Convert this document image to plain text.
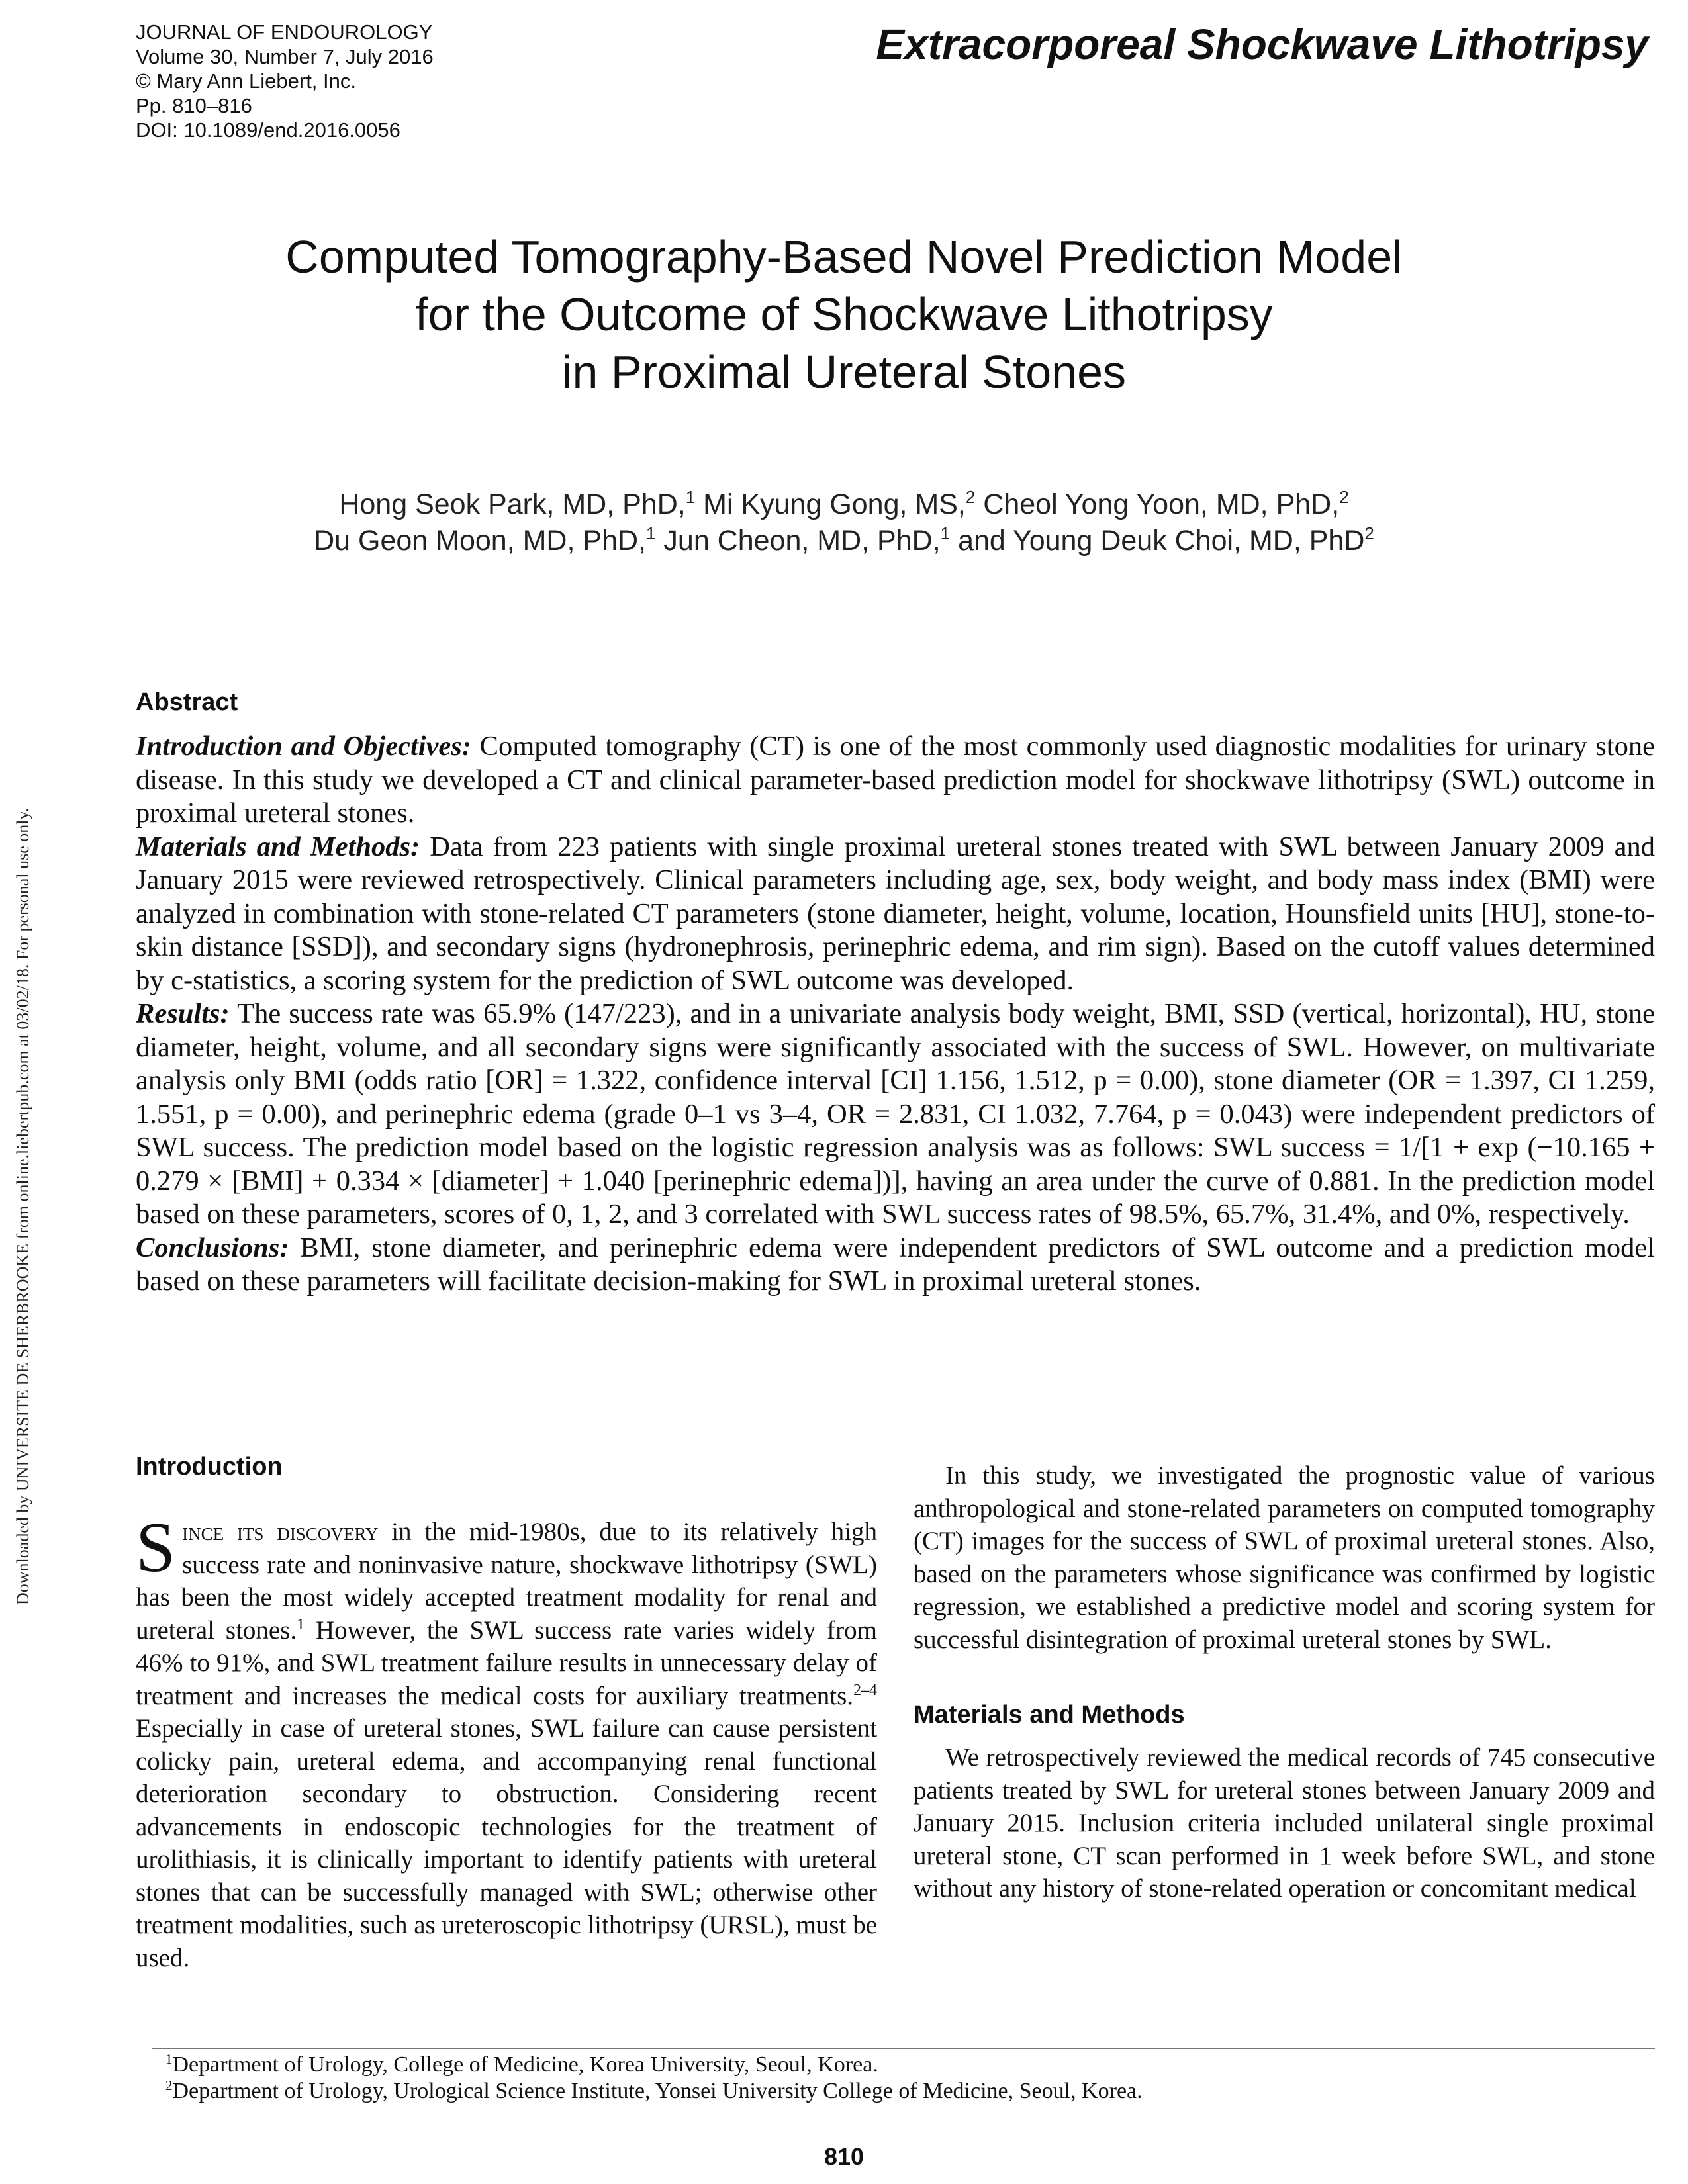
JOURNAL OF ENDOUROLOGY
Volume 30, Number 7, July 2016
© Mary Ann Liebert, Inc.
Pp. 810–816
DOI: 10.1089/end.2016.0056
Extracorporeal Shockwave Lithotripsy
Computed Tomography-Based Novel Prediction Model
for the Outcome of Shockwave Lithotripsy
in Proximal Ureteral Stones
Hong Seok Park, MD, PhD,$^1$ Mi Kyung Gong, MS,$^2$ Cheol Yong Yoon, MD, PhD,$^2$
Du Geon Moon, MD, PhD,$^1$ Jun Cheon, MD, PhD,$^1$ and Young Deuk Choi, MD, PhD$^2$
Downloaded by UNIVERSITE DE SHERBROOKE from online.liebertpub.com at 03/02/18. For personal use only.
Abstract

Introduction and Objectives: Computed tomography (CT) is one of the most commonly used diagnostic modalities for urinary stone disease. In this study we developed a CT and clinical parameter-based prediction model for shockwave lithotripsy (SWL) outcome in proximal ureteral stones.

Materials and Methods: Data from 223 patients with single proximal ureteral stones treated with SWL between January 2009 and January 2015 were reviewed retrospectively. Clinical parameters including age, sex, body weight, and body mass index (BMI) were analyzed in combination with stone-related CT parameters (stone diameter, height, volume, location, Hounsfield units [HU], stone-to-skin distance [SSD]), and secondary signs (hydronephrosis, perinephric edema, and rim sign). Based on the cutoff values determined by c-statistics, a scoring system for the prediction of SWL outcome was developed.

Results: The success rate was 65.9% (147/223), and in a univariate analysis body weight, BMI, SSD (vertical, horizontal), HU, stone diameter, height, volume, and all secondary signs were significantly associated with the success of SWL. However, on multivariate analysis only BMI (odds ratio [OR] = 1.322, confidence interval [CI] 1.156, 1.512, p = 0.00), stone diameter (OR = 1.397, CI 1.259, 1.551, p = 0.00), and perinephric edema (grade 0–1 vs 3–4, OR = 2.831, CI 1.032, 7.764, p = 0.043) were independent predictors of SWL success. The prediction model based on the logistic regression analysis was as follows: SWL success = 1/[1 + exp (−10.165 + 0.279 × [BMI] + 0.334 × [diameter] + 1.040 [perinephric edema])], having an area under the curve of 0.881. In the prediction model based on these parameters, scores of 0, 1, 2, and 3 correlated with SWL success rates of 98.5%, 65.7%, 31.4%, and 0%, respectively.

Conclusions: BMI, stone diameter, and perinephric edema were independent predictors of SWL outcome and a prediction model based on these parameters will facilitate decision-making for SWL in proximal ureteral stones.

Introduction

Since its discovery in the mid-1980s, due to its relatively high success rate and noninvasive nature, shockwave lithotripsy (SWL) has been the most widely accepted treatment modality for renal and ureteral stones.$^1$ However, the SWL success rate varies widely from 46% to 91%, and SWL treatment failure results in unnecessary delay of treatment and increases the medical costs for auxiliary treatments.$^{2-4}$ Especially in case of ureteral stones, SWL failure can cause persistent colicky pain, ureteral edema, and accompanying renal functional deterioration secondary to obstruction. Considering recent advancements in endoscopic technologies for the treatment of urolithiasis, it is clinically important to identify patients with ureteral stones that can be successfully managed with SWL; otherwise other treatment modalities, such as ureteroscopic lithotripsy (URSL), must be used.

In this study, we investigated the prognostic value of various anthropological and stone-related parameters on computed tomography (CT) images for the success of SWL of proximal ureteral stones. Also, based on the parameters whose significance was confirmed by logistic regression, we established a predictive model and scoring system for successful disintegration of proximal ureteral stones by SWL.

Materials and Methods

We retrospectively reviewed the medical records of 745 consecutive patients treated by SWL for ureteral stones between January 2009 and January 2015. Inclusion criteria included unilateral single proximal ureteral stone, CT scan performed in 1 week before SWL, and stone without any history of stone-related operation or concomitant medical

$^1$Department of Urology, College of Medicine, Korea University, Seoul, Korea.
$^2$Department of Urology, Urological Science Institute, Yonsei University College of Medicine, Seoul, Korea.
810
